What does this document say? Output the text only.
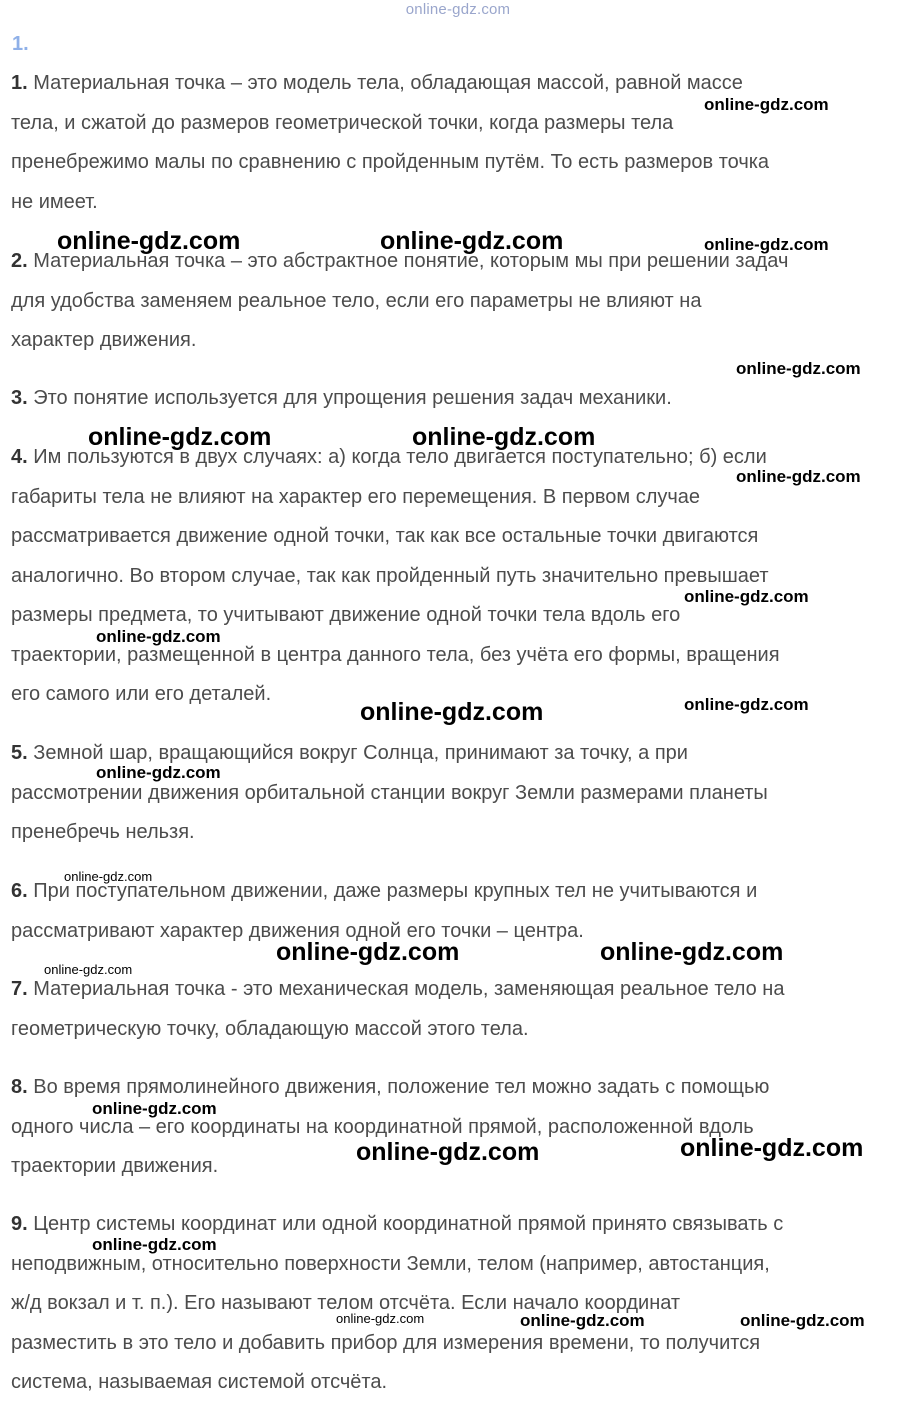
online-gdz.com
1.
1. Материальная точка – это модель тела, обладающая массой, равной массе
тела, и сжатой до размеров геометрической точки, когда размеры тела
пренебрежимо малы по сравнению с пройденным путём. То есть размеров точка
не имеет.
2. Материальная точка – это абстрактное понятие, которым мы при решении задач
для удобства заменяем реальное тело, если его параметры не влияют на
характер движения.
3. Это понятие используется для упрощения решения задач механики.
4. Им пользуются в двух случаях: а) когда тело двигается поступательно; б) если
габариты тела не влияют на характер его перемещения. В первом случае
рассматривается движение одной точки, так как все остальные точки двигаются
аналогично. Во втором случае, так как пройденный путь значительно превышает
размеры предмета, то учитывают движение одной точки тела вдоль его
траектории, размещенной в центра данного тела, без учёта его формы, вращения
его самого или его деталей.
5. Земной шар, вращающийся вокруг Солнца, принимают за точку, а при
рассмотрении движения орбитальной станции вокруг Земли размерами планеты
пренебречь нельзя.
6. При поступательном движении, даже размеры крупных тел не учитываются и
рассматривают характер движения одной его точки – центра.
7. Материальная точка - это механическая модель, заменяющая реальное тело на
геометрическую точку, обладающую массой этого тела.
8. Во время прямолинейного движения, положение тел можно задать с помощью
одного числа – его координаты на координатной прямой, расположенной вдоль
траектории движения.
9. Центр системы координат или одной координатной прямой принято связывать с
неподвижным, относительно поверхности Земли, телом (например, автостанция,
ж/д вокзал и т. п.). Его называют телом отсчёта. Если начало координат
разместить в это тело и добавить прибор для измерения времени, то получится
система, называемая системой отсчёта.
online-gdz.com
online-gdz.com	online-gdz.com	online-gdz.com
online-gdz.com
online-gdz.com	online-gdz.com
online-gdz.com
online-gdz.com
online-gdz.com
online-gdz.com
online-gdz.com
online-gdz.com
online-gdz.com
online-gdz.com	online-gdz.com
online-gdz.com
online-gdz.com
online-gdz.com
online-gdz.com
online-gdz.com
online-gdz.com	online-gdz.com	online-gdz.com
